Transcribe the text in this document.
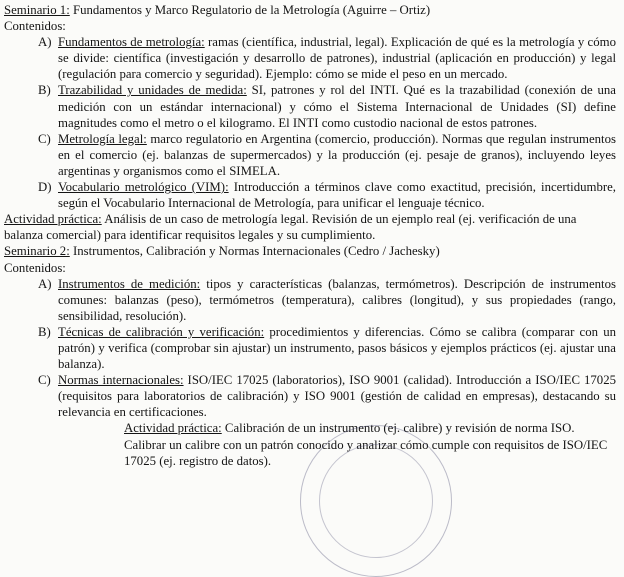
Seminario 1: Fundamentos y Marco Regulatorio de la Metrología (Aguirre – Ortiz)
Contenidos:
A) Fundamentos de metrología: ramas (científica, industrial, legal). Explicación de qué es la metrología y cómo se divide: científica (investigación y desarrollo de patrones), industrial (aplicación en producción) y legal (regulación para comercio y seguridad). Ejemplo: cómo se mide el peso en un mercado.
B) Trazabilidad y unidades de medida: SI, patrones y rol del INTI. Qué es la trazabilidad (conexión de una medición con un estándar internacional) y cómo el Sistema Internacional de Unidades (SI) define magnitudes como el metro o el kilogramo. El INTI como custodio nacional de estos patrones.
C) Metrología legal: marco regulatorio en Argentina (comercio, producción). Normas que regulan instrumentos en el comercio (ej. balanzas de supermercados) y la producción (ej. pesaje de granos), incluyendo leyes argentinas y organismos como el SIMELA.
D) Vocabulario metrológico (VIM): Introducción a términos clave como exactitud, precisión, incertidumbre, según el Vocabulario Internacional de Metrología, para unificar el lenguaje técnico.
Actividad práctica: Análisis de un caso de metrología legal. Revisión de un ejemplo real (ej. verificación de una balanza comercial) para identificar requisitos legales y su cumplimiento.
Seminario 2: Instrumentos, Calibración y Normas Internacionales (Cedro / Jachesky)
Contenidos:
A) Instrumentos de medición: tipos y características (balanzas, termómetros). Descripción de instrumentos comunes: balanzas (peso), termómetros (temperatura), calibres (longitud), y sus propiedades (rango, sensibilidad, resolución).
B) Técnicas de calibración y verificación: procedimientos y diferencias. Cómo se calibra (comparar con un patrón) y verifica (comprobar sin ajustar) un instrumento, pasos básicos y ejemplos prácticos (ej. ajustar una balanza).
C) Normas internacionales: ISO/IEC 17025 (laboratorios), ISO 9001 (calidad). Introducción a ISO/IEC 17025 (requisitos para laboratorios de calibración) y ISO 9001 (gestión de calidad en empresas), destacando su relevancia en certificaciones.
Actividad práctica: Calibración de un instrumento (ej. calibre) y revisión de norma ISO. Calibrar un calibre con un patrón conocido y analizar cómo cumple con requisitos de ISO/IEC 17025 (ej. registro de datos).
